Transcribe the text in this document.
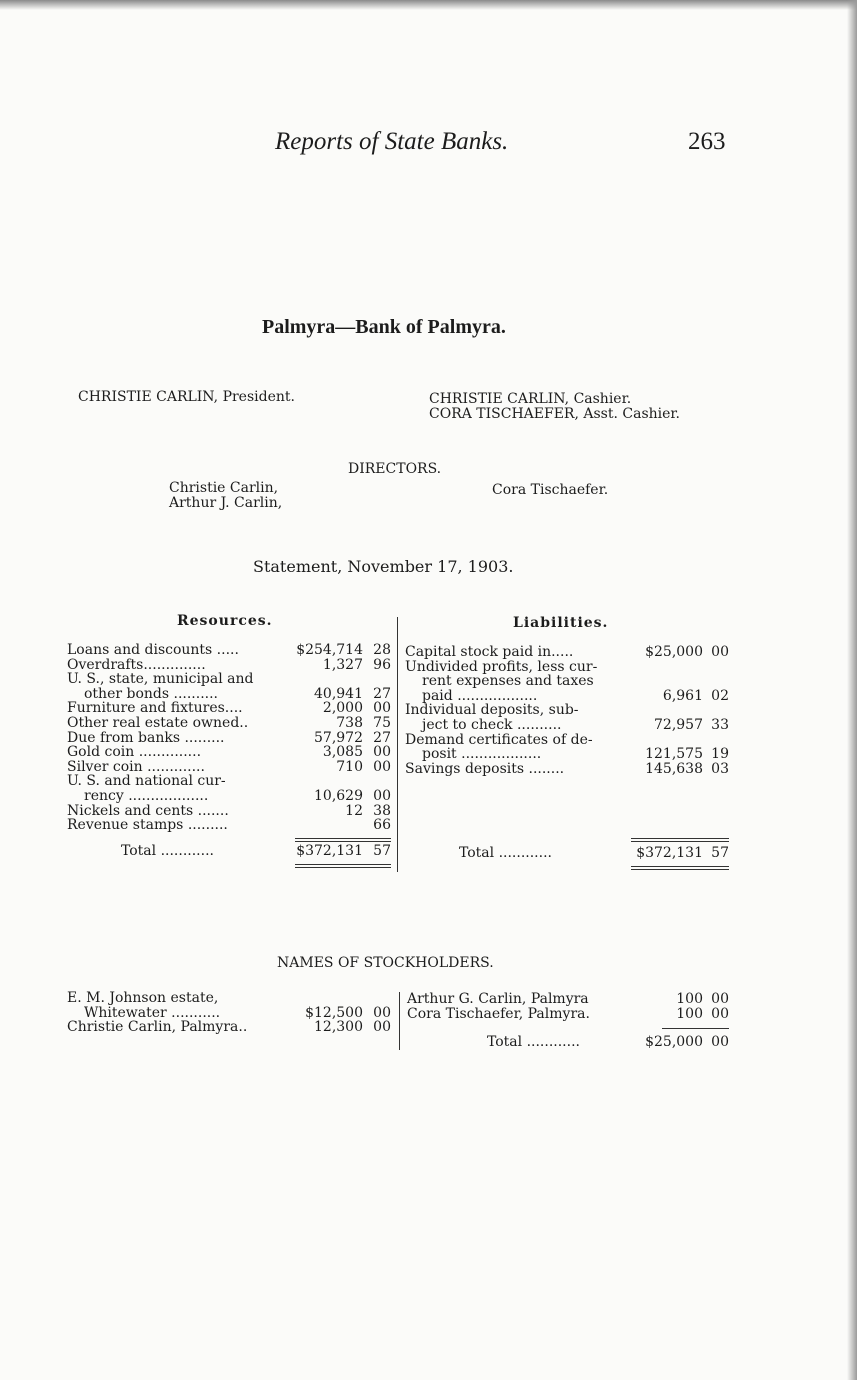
Reports of State Banks.	263
Palmyra—Bank of Palmyra.
CHRISTIE CARLIN, President.	CHRISTIE CARLIN, Cashier.
CORA TISCHAEFER, Asst. Cashier.
DIRECTORS.
Christie Carlin,
Arthur J. Carlin,
Cora Tischaefer.
Statement, November 17, 1903.
Resources.	Liabilities.
Loans and discounts .....	$254,714 28
Overdrafts..............	1,327 96
U. S., state, municipal and
other bonds ..........	40,941 27
Furniture and fixtures....	2,000 00
Other real estate owned..	738 75
Due from banks .........	57,972 27
Gold coin ..............	3,085 00
Silver coin .............	710 00
U. S. and national cur-
rency ..................	10,629 00
Nickels and cents .......	12 38
Revenue stamps .........	66
Total ............	$372,131 57
Capital stock paid in.....	$25,000 00
Undivided profits, less cur-
rent expenses and taxes
paid ..................	6,961 02
Individual deposits, sub-
ject to check ..........	72,957 33
Demand certificates of de-
posit ..................	121,575 19
Savings deposits ........	145,638 03
Total ............	$372,131 57
NAMES OF STOCKHOLDERS.
E. M. Johnson estate,
Whitewater ...........	$12,500 00
Christie Carlin, Palmyra..	12,300 00
Arthur G. Carlin, Palmyra	100 00
Cora Tischaefer, Palmyra.	100 00
Total ............	$25,000 00
